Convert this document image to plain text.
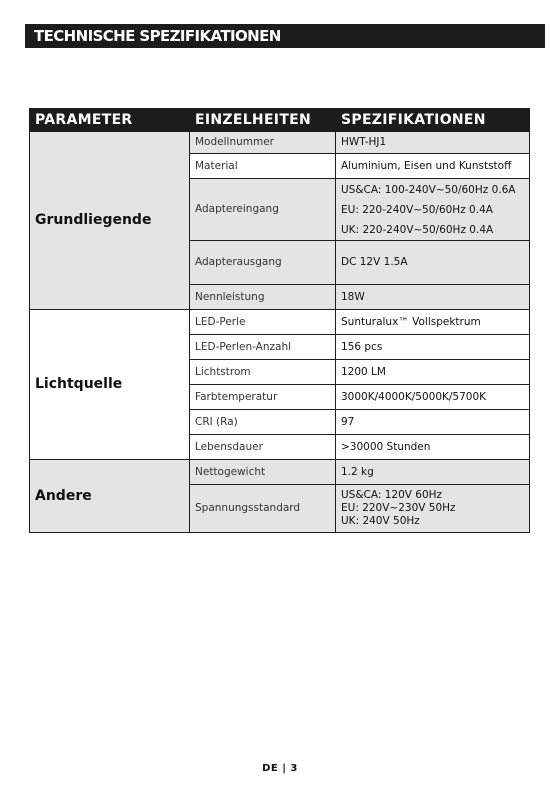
TECHNISCHE SPEZIFIKATIONEN
PARAMETER	EINZELHEITEN	SPEZIFIKATIONEN
Grundliegende	Modellnummer	HWT-HJ1
	Material	Aluminium, Eisen und Kunststoff
	Adaptereingang	US&CA: 100-240V~50/60Hz 0.6A
EU: 220-240V~50/60Hz 0.4A
UK: 220-240V~50/60Hz 0.4A

	Adapterausgang	DC 12V 1.5A
	Nennleistung	18W
Lichtquelle	LED-Perle	Sunturalux™ Vollspektrum
	LED-Perlen-Anzahl	156 pcs
	Lichtstrom	1200 LM
	Farbtemperatur	3000K/4000K/5000K/5700K
	CRI (Ra)	97
	Lebensdauer	>30000 Stunden
Andere	Nettogewicht	1.2 kg
	Spannungsstandard	US&CA: 120V 60Hz
EU: 220V~230V 50Hz
UK: 240V 50Hz
DE | 3
